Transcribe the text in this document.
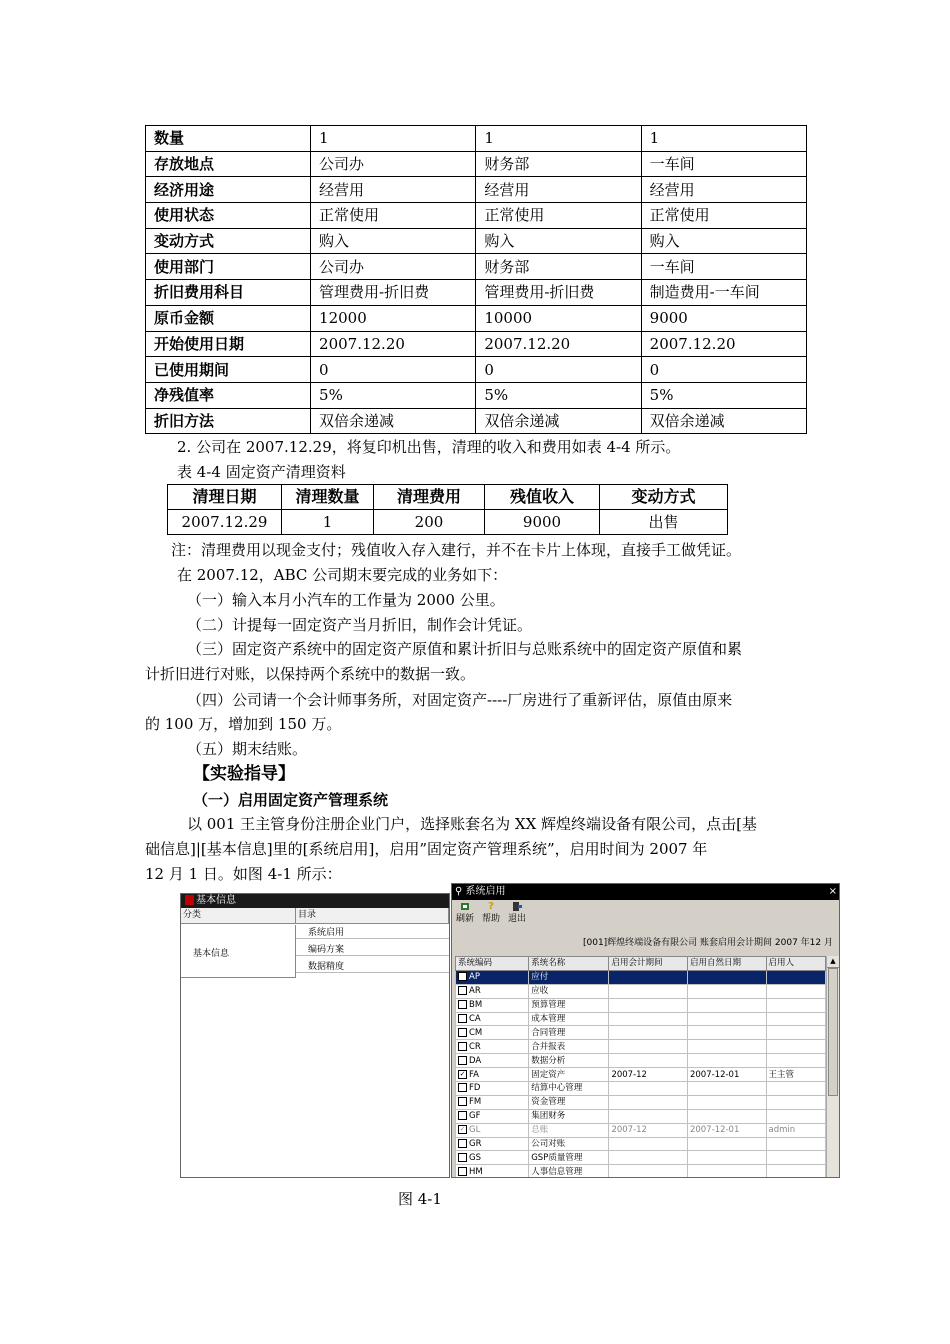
数量	1	1	1
存放地点	公司办	财务部	一车间
经济用途	经营用	经营用	经营用
使用状态	正常使用	正常使用	正常使用
变动方式	购入	购入	购入
使用部门	公司办	财务部	一车间
折旧费用科目	管理费用-折旧费	管理费用-折旧费	制造费用-一车间
原币金额	12000	10000	9000
开始使用日期	2007.12.20	2007.12.20	2007.12.20
已使用期间	0	0	0
净残值率	5%	5%	5%
折旧方法	双倍余递减	双倍余递减	双倍余递减
2. 公司在 2007.12.29，将复印机出售，清理的收入和费用如表 4-4 所示。
表 4-4 固定资产清理资料
清理日期	清理数量	清理费用	残值收入	变动方式
2007.12.29	1	200	9000	出售
注：清理费用以现金支付；残值收入存入建行，并不在卡片上体现，直接手工做凭证。
在 2007.12，ABC 公司期末要完成的业务如下：
（一）输入本月小汽车的工作量为 2000 公里。
（二）计提每一固定资产当月折旧，制作会计凭证。
（三）固定资产系统中的固定资产原值和累计折旧与总账系统中的固定资产原值和累
计折旧进行对账，以保持两个系统中的数据一致。
（四）公司请一个会计师事务所，对固定资产----厂房进行了重新评估，原值由原来
的 100 万，增加到 150 万。
（五）期末结账。
【实验指导】
（一）启用固定资产管理系统
以 001 王主管身份注册企业门户，选择账套名为 XX 辉煌终端设备有限公司，点击[基
础信息]|[基本信息]里的[系统启用]，启用”固定资产管理系统”，启用时间为 2007 年
12 月 1 日。如图 4-1 所示：
基本信息
分类	目录
基本信息
系统启用
编码方案
数据精度
⚲ 系统启用	×
刷新
?
帮助 退出
[001]辉煌终端设备有限公司 账套启用会计期间 2007 年12 月
系统编码	系统名称	启用会计期间	启用自然日期	启用人
AP	应付			
AR	应收			
BM	预算管理			
CA	成本管理			
CM	合同管理			
CR	合并报表			
DA	数据分析			
✓ FA	固定资产	2007-12	2007-12-01	王主管
FD	结算中心管理			
FM	资金管理			
GF	集团财务			
✓ GL	总账	2007-12	2007-12-01	admin
GR	公司对账			
GS	GSP质量管理			
HM	人事信息管理			
▲
图 4-1
